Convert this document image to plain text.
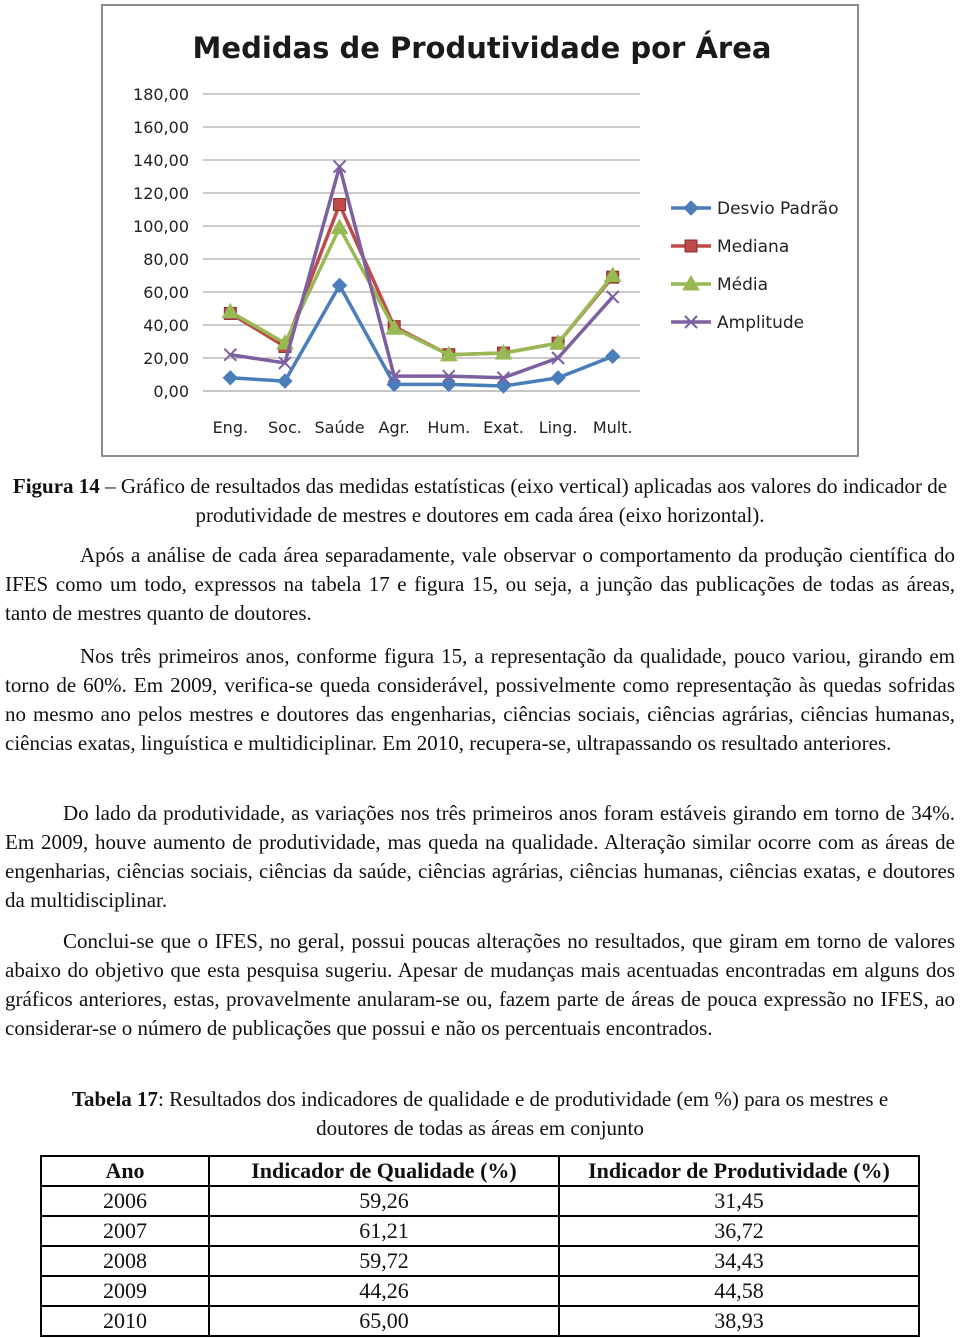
Medidas de Produtividade por Área
0,00
20,00
40,00
60,00
80,00
100,00
120,00
140,00
160,00
180,00
Eng. Soc. Saúde Agr. Hum. Exat. Ling. Mult.
Desvio Padrão
Mediana
Média
Amplitude
Figura 14 – Gráfico de resultados das medidas estatísticas (eixo vertical) aplicadas aos valores do indicador de produtividade de mestres e doutores em cada área (eixo horizontal).

Após a análise de cada área separadamente, vale observar o comportamento da produção científica do IFES como um todo, expressos na tabela 17 e figura 15, ou seja, a junção das publicações de todas as áreas, tanto de mestres quanto de doutores.

Nos três primeiros anos, conforme figura 15, a representação da qualidade, pouco variou, girando em torno de 60%. Em 2009, verifica-se queda considerável, possivelmente como representação às quedas sofridas no mesmo ano pelos mestres e doutores das engenharias, ciências sociais, ciências agrárias, ciências humanas, ciências exatas, linguística e multidiciplinar. Em 2010, recupera-se, ultrapassando os resultado anteriores.

Do lado da produtividade, as variações nos três primeiros anos foram estáveis girando em torno de 34%. Em 2009, houve aumento de produtividade, mas queda na qualidade. Alteração similar ocorre com as áreas de engenharias, ciências sociais, ciências da saúde, ciências agrárias, ciências humanas, ciências exatas, e doutores da multidisciplinar.

Conclui-se que o IFES, no geral, possui poucas alterações no resultados, que giram em torno de valores abaixo do objetivo que esta pesquisa sugeriu. Apesar de mudanças mais acentuadas encontradas em alguns dos gráficos anteriores, estas, provavelmente anularam-se ou, fazem parte de áreas de pouca expressão no IFES, ao considerar-se o número de publicações que possui e não os percentuais encontrados.

Tabela 17: Resultados dos indicadores de qualidade e de produtividade (em %) para os mestres e doutores de todas as áreas em conjunto
Ano	Indicador de Qualidade (%)	Indicador de Produtividade (%)
2006	59,26	31,45
2007	61,21	36,72
2008	59,72	34,43
2009	44,26	44,58
2010	65,00	38,93
